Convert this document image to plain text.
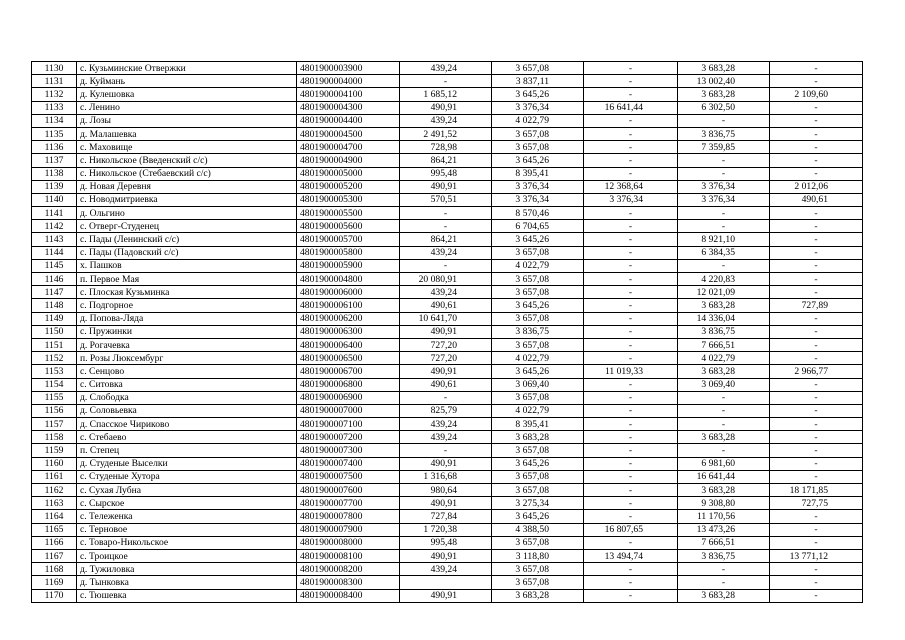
1130	с. Кузьминские Отвержки	4801900003900	439,24	3 657,08	-	3 683,28	-
1131	д. Куймань	4801900004000	-	3 837,11	-	13 002,40	-
1132	д. Кулешовка	4801900004100	1 685,12	3 645,26	-	3 683,28	2 109,60
1133	с. Ленино	4801900004300	490,91	3 376,34	16 641,44	6 302,50	-
1134	д. Лозы	4801900004400	439,24	4 022,79	-	-	-
1135	д. Малашевка	4801900004500	2 491,52	3 657,08	-	3 836,75	-
1136	с. Маховище	4801900004700	728,98	3 657,08	-	7 359,85	-
1137	с. Никольское (Введенский с/с)	4801900004900	864,21	3 645,26	-	-	-
1138	с. Никольское (Стебаевский с/с)	4801900005000	995,48	8 395,41	-	-	-
1139	д. Новая Деревня	4801900005200	490,91	3 376,34	12 368,64	3 376,34	2 012,06
1140	с. Новодмитриевка	4801900005300	570,51	3 376,34	3 376,34	3 376,34	490,61
1141	д. Ольгино	4801900005500	-	8 570,46	-	-	-
1142	с. Отверг-Студенец	4801900005600	-	6 704,65	-	-	-
1143	с. Пады (Ленинский с/с)	4801900005700	864,21	3 645,26	-	8 921,10	-
1144	с. Пады (Падовский с/с)	4801900005800	439,24	3 657,08	-	6 384,35	-
1145	х. Пашков	4801900005900	-	4 022,79	-	-	-
1146	п. Первое Мая	4801900004800	20 080,91	3 657,08	-	4 220,83	-
1147	с. Плоская Кузьминка	4801900006000	439,24	3 657,08	-	12 021,09	-
1148	с. Подгорное	4801900006100	490,61	3 645,26	-	3 683,28	727,89
1149	д. Попова-Ляда	4801900006200	10 641,70	3 657,08	-	14 336,04	-
1150	с. Пружинки	4801900006300	490,91	3 836,75	-	3 836,75	-
1151	д. Рогачевка	4801900006400	727,20	3 657,08	-	7 666,51	-
1152	п. Розы Люксембург	4801900006500	727,20	4 022,79	-	4 022,79	-
1153	с. Сенцово	4801900006700	490,91	3 645,26	11 019,33	3 683,28	2 966,77
1154	с. Ситовка	4801900006800	490,61	3 069,40	-	3 069,40	-
1155	д. Слободка	4801900006900	-	3 657,08	-	-	-
1156	д. Соловьевка	4801900007000	825,79	4 022,79	-	-	-
1157	д. Спасское Чириково	4801900007100	439,24	8 395,41	-	-	-
1158	с. Стебаево	4801900007200	439,24	3 683,28	-	3 683,28	-
1159	п. Степец	4801900007300	-	3 657,08	-	-	-
1160	д. Студеные Выселки	4801900007400	490,91	3 645,26	-	6 981,60	-
1161	с. Студеные Хутора	4801900007500	1 316,68	3 657,08	-	16 641,44	-
1162	с. Сухая Лубна	4801900007600	980,64	3 657,08	-	3 683,28	18 171,85
1163	с. Сырское	4801900007700	490,91	3 275,34	-	9 308,80	727,75
1164	с. Тележенка	4801900007800	727,84	3 645,26	-	11 170,56	-
1165	с. Терновое	4801900007900	1 720,38	4 388,50	16 807,65	13 473,26	-
1166	с. Товаро-Никольское	4801900008000	995,48	3 657,08	-	7 666,51	-
1167	с. Троицкое	4801900008100	490,91	3 118,80	13 494,74	3 836,75	13 771,12
1168	д. Тужиловка	4801900008200	439,24	3 657,08	-	-	-
1169	д. Тынковка	4801900008300		3 657,08	-	-	-
1170	с. Тюшевка	4801900008400	490,91	3 683,28	-	3 683,28	-
